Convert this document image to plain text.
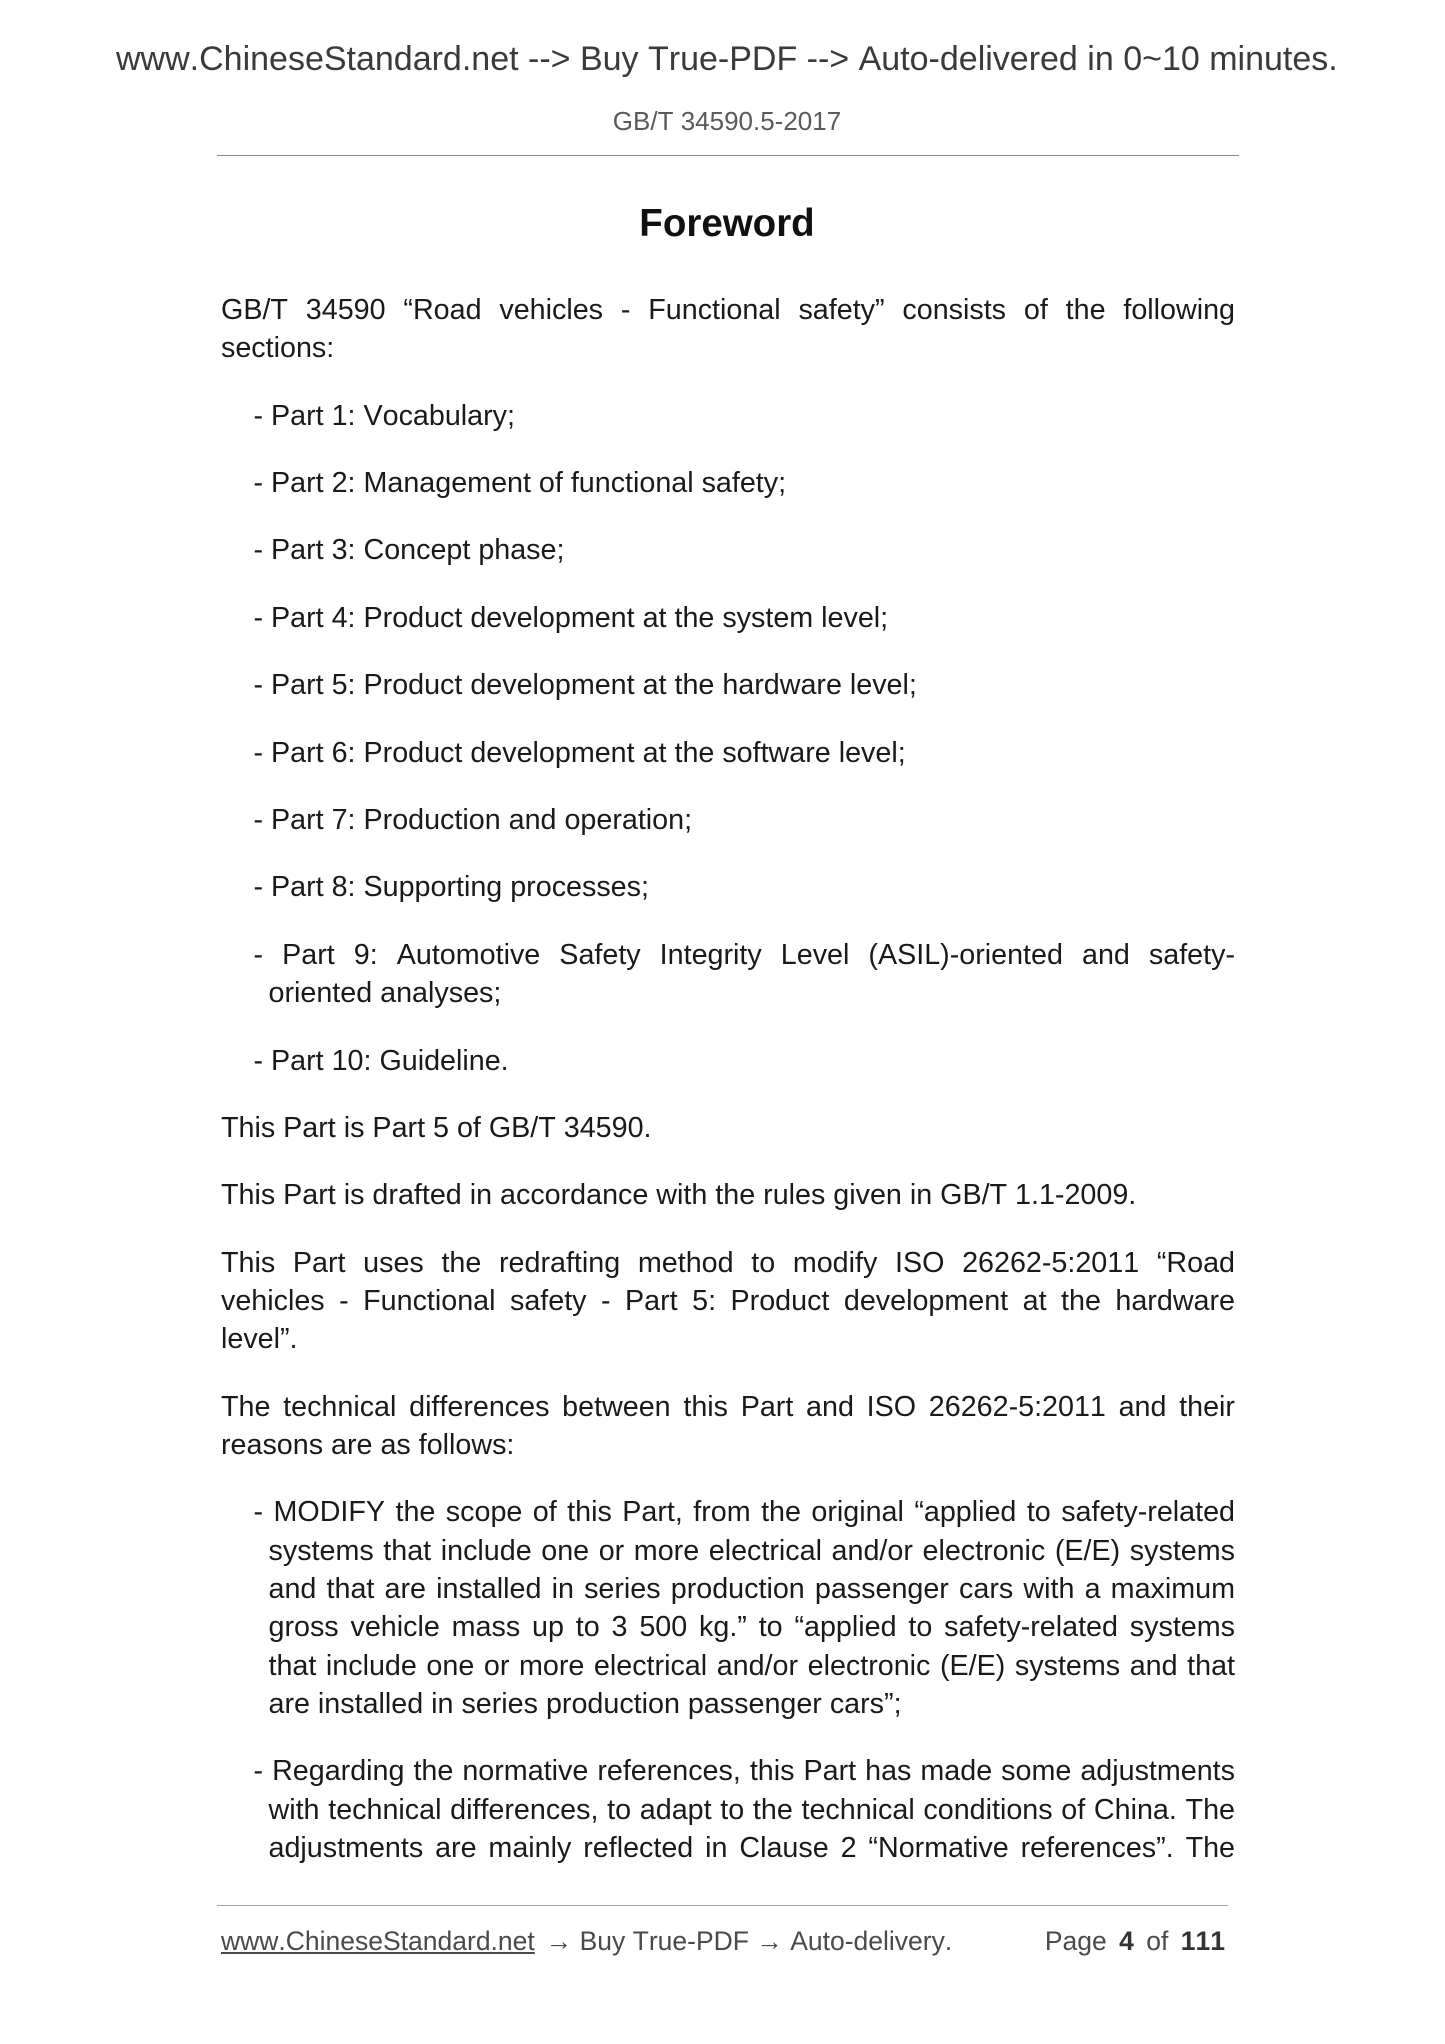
www.ChineseStandard.net --> Buy True-PDF --> Auto-delivered in 0~10 minutes.
GB/T 34590.5-2017
Foreword
GB/T 34590 “Road vehicles - Functional safety” consists of the following sections:
- Part 1: Vocabulary;
- Part 2: Management of functional safety;
- Part 3: Concept phase;
- Part 4: Product development at the system level;
- Part 5: Product development at the hardware level;
- Part 6: Product development at the software level;
- Part 7: Production and operation;
- Part 8: Supporting processes;
- Part 9: Automotive Safety Integrity Level (ASIL)-oriented and safety-oriented analyses;
- Part 10: Guideline.
This Part is Part 5 of GB/T 34590.
This Part is drafted in accordance with the rules given in GB/T 1.1-2009.
This Part uses the redrafting method to modify ISO 26262-5:2011 “Road vehicles - Functional safety - Part 5: Product development at the hardware level”.
The technical differences between this Part and ISO 26262-5:2011 and their reasons are as follows:
- MODIFY the scope of this Part, from the original “applied to safety-related systems that include one or more electrical and/or electronic (E/E) systems and that are installed in series production passenger cars with a maximum gross vehicle mass up to 3 500 kg.” to “applied to safety-related systems that include one or more electrical and/or electronic (E/E) systems and that are installed in series production passenger cars”;
- Regarding the normative references, this Part has made some adjustments with technical differences, to adapt to the technical conditions of China. The adjustments are mainly reflected in Clause 2 “Normative references”. The
www.ChineseStandard.net → Buy True-PDF → Auto-delivery.	Page 4 of 111
